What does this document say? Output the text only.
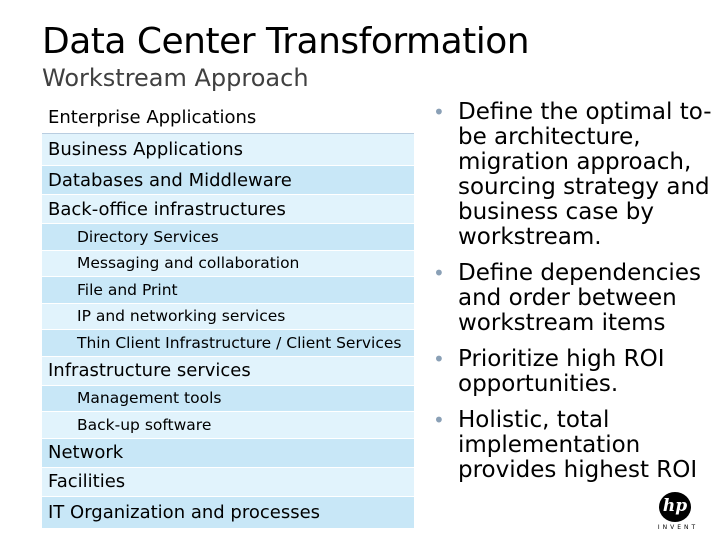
Data Center Transformation
Workstream Approach
Enterprise Applications
Business Applications
Databases and Middleware
Back-office infrastructures
Directory Services
Messaging and collaboration
File and Print
IP and networking services
Thin Client Infrastructure / Client Services
Infrastructure services
Management tools
Back-up software
Network
Facilities
IT Organization and processes
• Define the optimal to-be architecture, migration approach, sourcing strategy and business case by workstream.
• Define dependencies and order between workstream items
• Prioritize high ROI opportunities.
• Holistic, total implementation provides highest ROI
hp
INVENT
